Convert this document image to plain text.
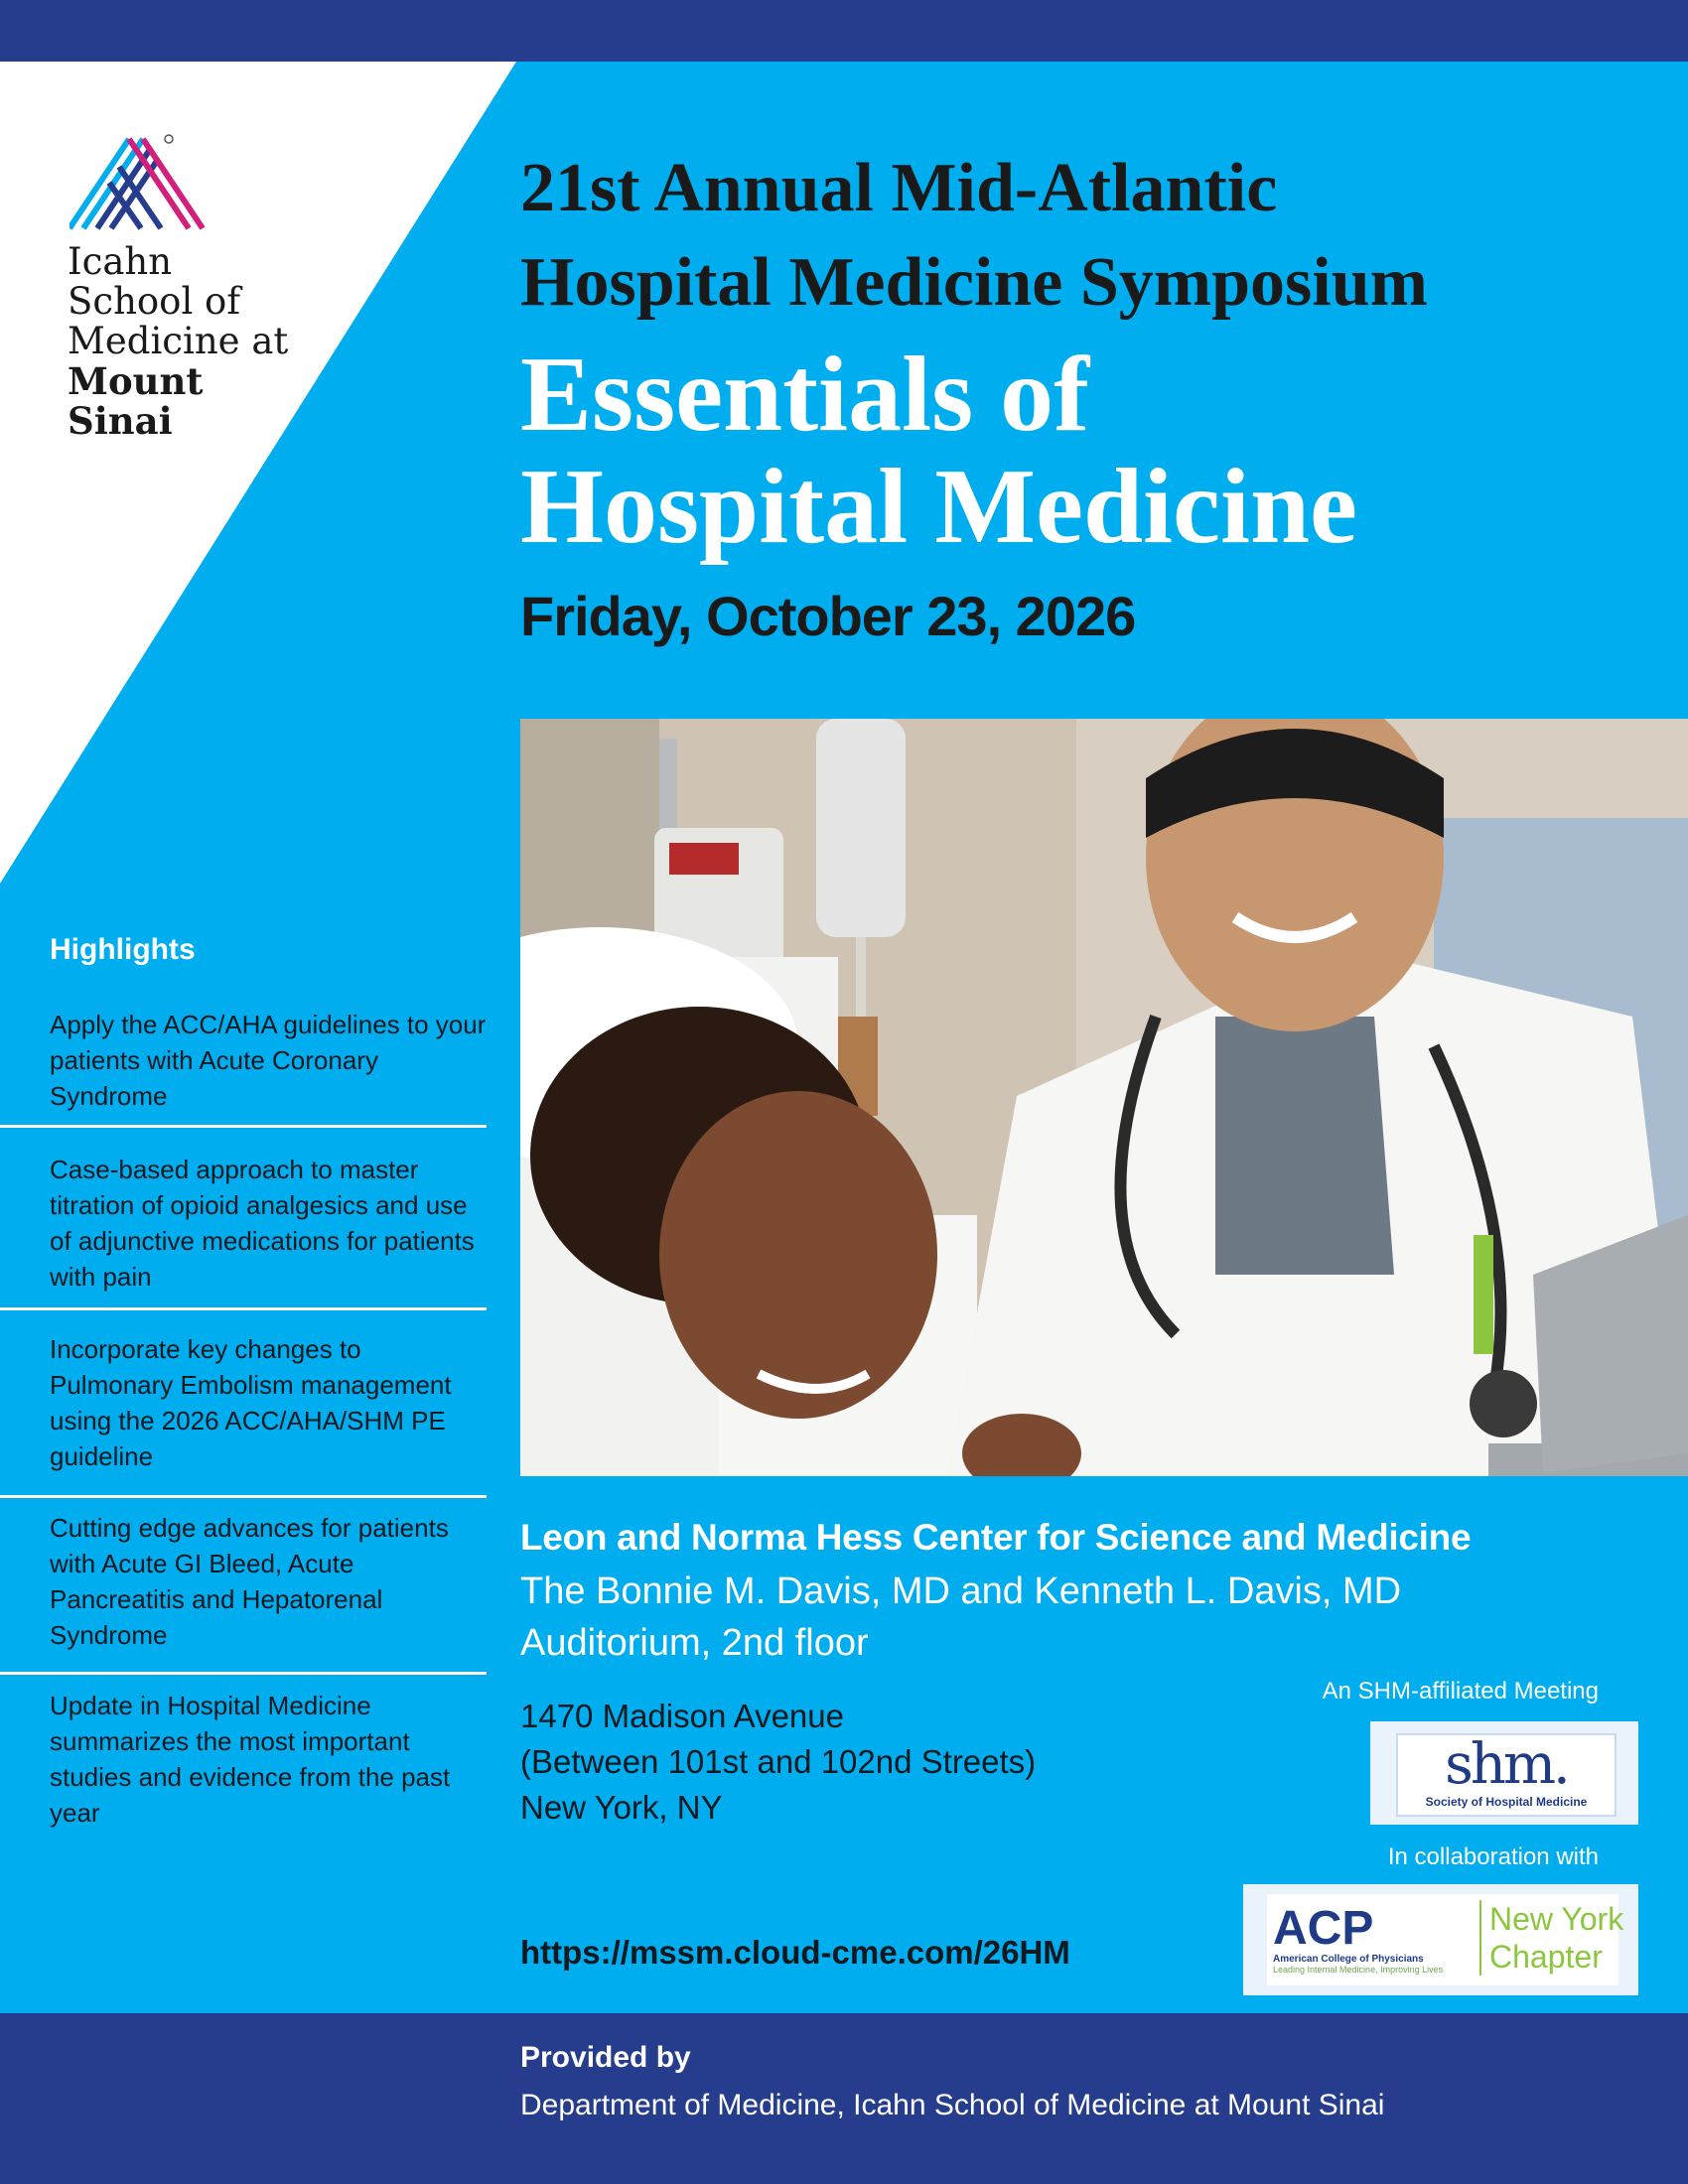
Icahn
School of
Medicine at
Mount
Sinai
21st Annual Mid-Atlantic
Hospital Medicine Symposium
Essentials of
Hospital Medicine
Friday, October 23, 2026
Highlights
Apply the ACC/AHA guidelines to your patients with Acute Coronary Syndrome
Case-based approach to master titration of opioid analgesics and use of adjunctive medications for patients with pain
Incorporate key changes to Pulmonary Embolism management using the 2026 ACC/AHA/SHM PE guideline
Cutting edge advances for patients with Acute GI Bleed, Acute Pancreatitis and Hepatorenal Syndrome
Update in Hospital Medicine summarizes the most important studies and evidence from the past year
Leon and Norma Hess Center for Science and Medicine
The Bonnie M. Davis, MD and Kenneth L. Davis, MD
Auditorium, 2nd floor
1470 Madison Avenue
(Between 101st and 102nd Streets)
New York, NY
https://mssm.cloud-cme.com/26HM
An SHM-affiliated Meeting
shm.
Society of Hospital Medicine
In collaboration with
ACP
American College of Physicians
Leading Internal Medicine, Improving Lives
New York
Chapter
Provided by
Department of Medicine, Icahn School of Medicine at Mount Sinai
